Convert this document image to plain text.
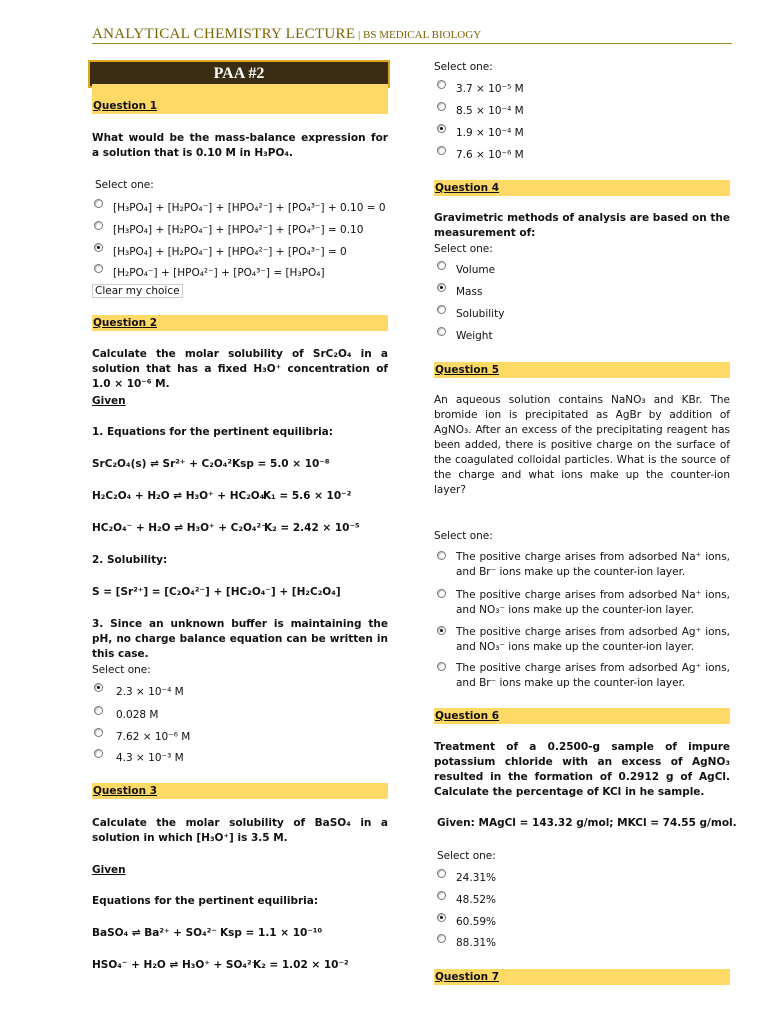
ANALYTICAL CHEMISTRY LECTURE | BS MEDICAL BIOLOGY
PAA #2
Question 1
What would be the mass-balance expression for a solution that is 0.10 M in H₃PO₄.
Select one:
[H₃PO₄] + [H₂PO₄⁻] + [HPO₄²⁻] + [PO₄³⁻] + 0.10 = 0
[H₃PO₄] + [H₂PO₄⁻] + [HPO₄²⁻] + [PO₄³⁻] = 0.10
[H₃PO₄] + [H₂PO₄⁻] + [HPO₄²⁻] + [PO₄³⁻] = 0
[H₂PO₄⁻] + [HPO₄²⁻] + [PO₄³⁻] = [H₃PO₄]
Clear my choice
Question 2
Calculate the molar solubility of SrC₂O₄ in a solution that has a fixed H₃O⁺ concentration of 1.0 × 10⁻⁶ M.
Given
1. Equations for the pertinent equilibria:
SrC₂O₄(s) ⇌ Sr²⁺ + C₂O₄²⁻
Ksp = 5.0 × 10⁻⁸
H₂C₂O₄ + H₂O ⇌ H₃O⁺ + HC₂O₄⁻
K₁ = 5.6 × 10⁻²
HC₂O₄⁻ + H₂O ⇌ H₃O⁺ + C₂O₄²⁻
K₂ = 2.42 × 10⁻⁵
2. Solubility:
S = [Sr²⁺] = [C₂O₄²⁻] + [HC₂O₄⁻] + [H₂C₂O₄]
3. Since an unknown buffer is maintaining the pH, no charge balance equation can be written in this case.
Select one:
2.3 × 10⁻⁴ M
0.028 M
7.62 × 10⁻⁶ M
4.3 × 10⁻³ M
Question 3
Calculate the molar solubility of BaSO₄ in a solution in which [H₃O⁺] is 3.5 M.
Given
Equations for the pertinent equilibria:
BaSO₄ ⇌ Ba²⁺ + SO₄²⁻ Ksp = 1.1 × 10⁻¹⁰
HSO₄⁻ + H₂O ⇌ H₃O⁺ + SO₄²⁻
K₂ = 1.02 × 10⁻²
Select one:
3.7 × 10⁻⁵ M
8.5 × 10⁻⁴ M
1.9 × 10⁻⁴ M
7.6 × 10⁻⁶ M
Question 4
Gravimetric methods of analysis are based on the measurement of:
Select one:
Volume
Mass
Solubility
Weight
Question 5
An aqueous solution contains NaNO₃ and KBr. The bromide ion is precipitated as AgBr by addition of AgNO₃. After an excess of the precipitating reagent has been added, there is positive charge on the surface of the coagulated colloidal particles. What is the source of the charge and what ions make up the counter-ion layer?
Select one:
The positive charge arises from adsorbed Na⁺ ions, and Br⁻ ions make up the counter-ion layer.
The positive charge arises from adsorbed Na⁺ ions, and NO₃⁻ ions make up the counter-ion layer.
The positive charge arises from adsorbed Ag⁺ ions, and NO₃⁻ ions make up the counter-ion layer.
The positive charge arises from adsorbed Ag⁺ ions, and Br⁻ ions make up the counter-ion layer.
Question 6
Treatment of a 0.2500-g sample of impure potassium chloride with an excess of AgNO₃ resulted in the formation of 0.2912 g of AgCl. Calculate the percentage of KCl in he sample.
Given: MAgCl = 143.32 g/mol; MKCl = 74.55 g/mol.
Select one:
24.31%
48.52%
60.59%
88.31%
Question 7
